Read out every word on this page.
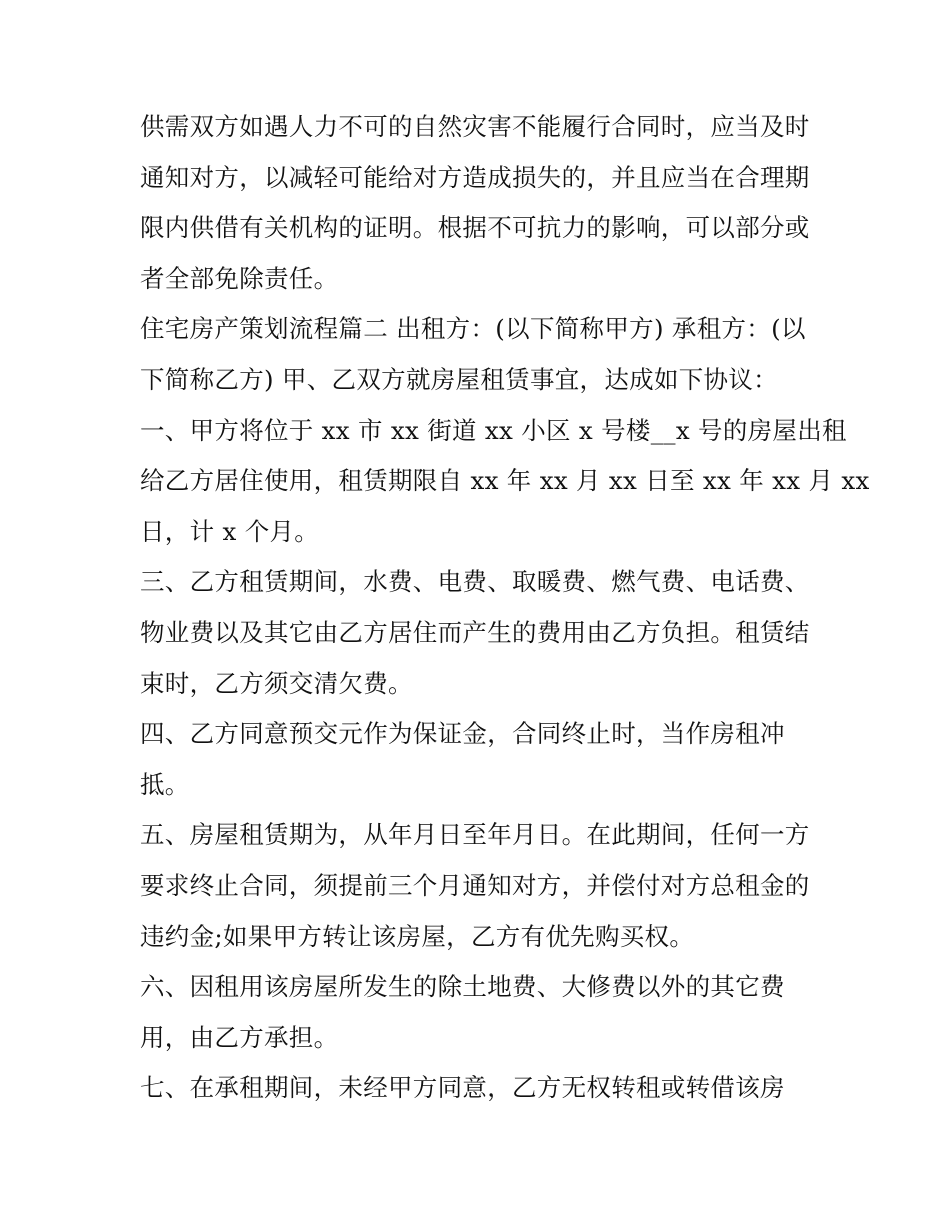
供需双方如遇人力不可的自然灾害不能履行合同时，应当及时
通知对方，以减轻可能给对方造成损失的，并且应当在合理期
限内供借有关机构的证明。根据不可抗力的影响，可以部分或
者全部免除责任。

住宅房产策划流程篇二 出租方：(以下简称甲方) 承租方：(以
下简称乙方) 甲、乙双方就房屋租赁事宜，达成如下协议：

一、甲方将位于 xx 市 xx 街道 xx 小区 x 号楼__x 号的房屋出租
给乙方居住使用，租赁期限自 xx 年 xx 月 xx 日至 xx 年 xx 月 xx
日，计 x 个月。

三、乙方租赁期间，水费、电费、取暖费、燃气费、电话费、
物业费以及其它由乙方居住而产生的费用由乙方负担。租赁结
束时，乙方须交清欠费。

四、乙方同意预交元作为保证金，合同终止时，当作房租冲
抵。

五、房屋租赁期为，从年月日至年月日。在此期间，任何一方
要求终止合同，须提前三个月通知对方，并偿付对方总租金的
违约金;如果甲方转让该房屋，乙方有优先购买权。

六、因租用该房屋所发生的除土地费、大修费以外的其它费
用，由乙方承担。

七、在承租期间，未经甲方同意，乙方无权转租或转借该房
